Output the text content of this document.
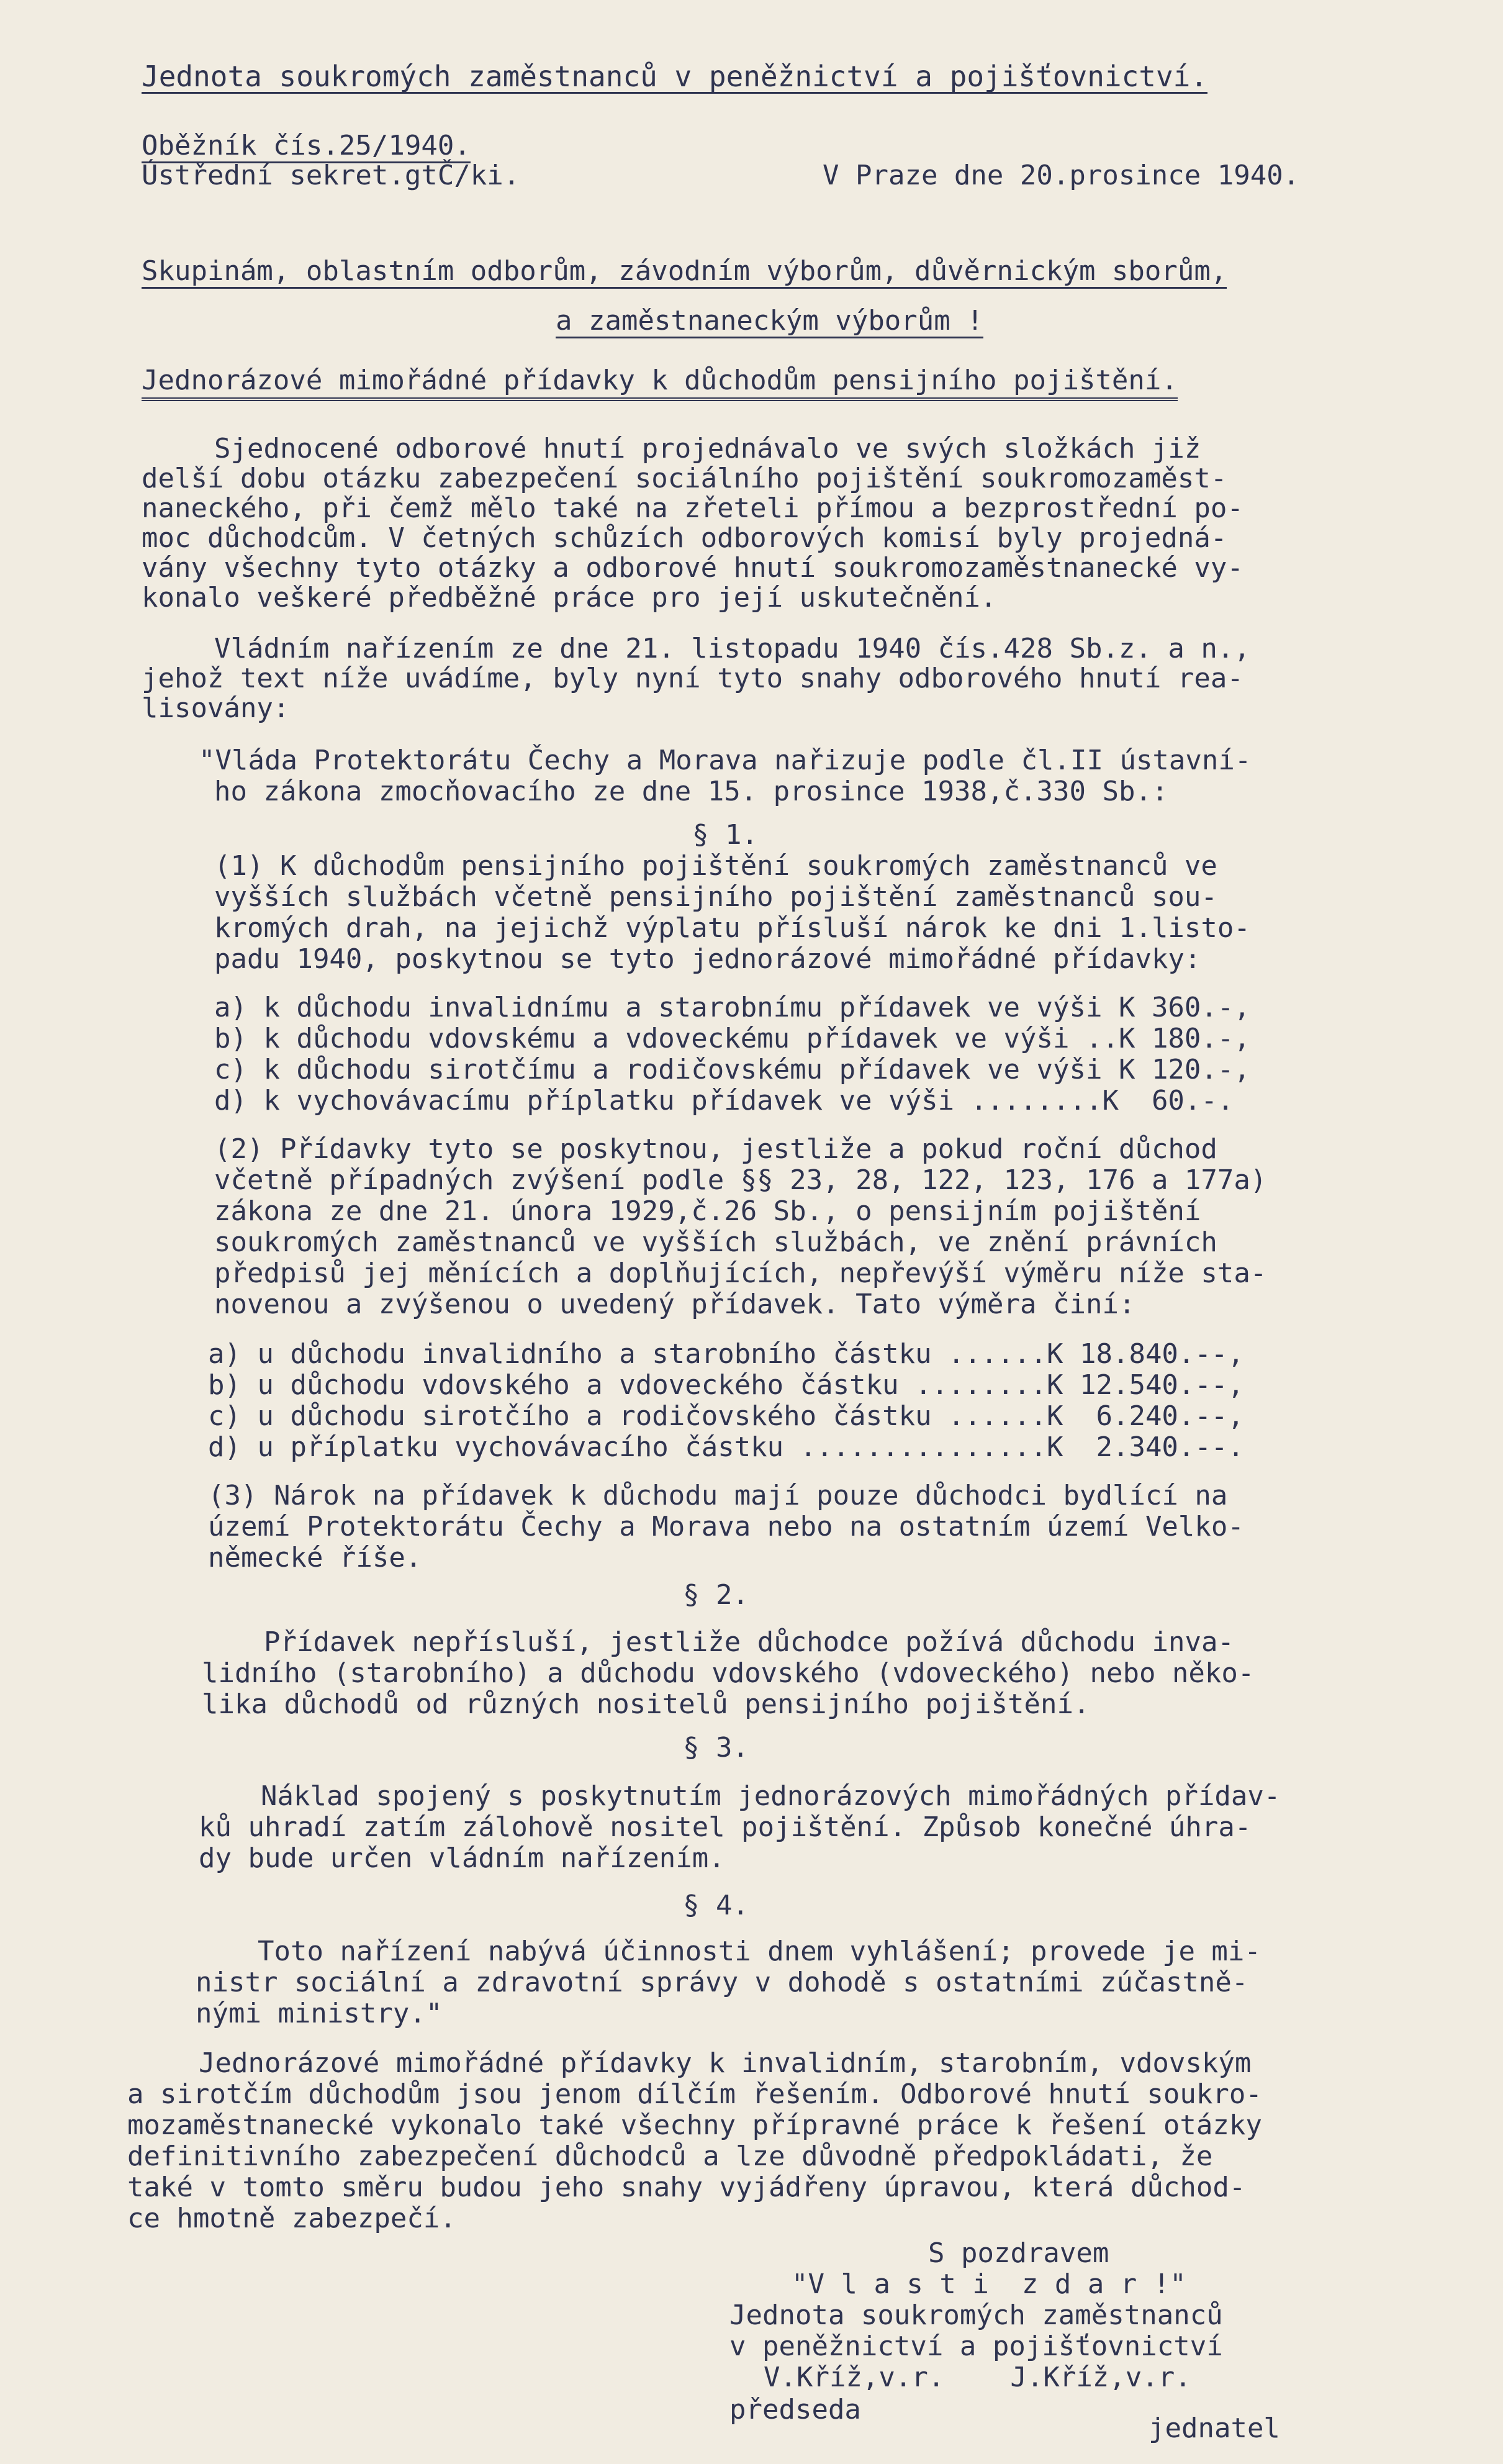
Jednota soukromých zaměstnanců v peněžnictví a pojišťovnictví.
Oběžník čís.25/1940.
Ústřední sekret.gtČ/ki.	V Praze dne 20.prosince 1940.
Skupinám, oblastním odborům, závodním výborům, důvěrnickým sborům,
a zaměstnaneckým výborům !
Jednorázové mimořádné přídavky k důchodům pensijního pojištění.
Sjednocené odborové hnutí projednávalo ve svých složkách již
delší dobu otázku zabezpečení sociálního pojištění soukromozaměst-
naneckého, při čemž mělo také na zřeteli přímou a bezprostřední po-
moc důchodcům. V četných schůzích odborových komisí byly projedná-
vány všechny tyto otázky a odborové hnutí soukromozaměstnanecké vy-
konalo veškeré předběžné práce pro její uskutečnění.
Vládním nařízením ze dne 21. listopadu 1940 čís.428 Sb.z. a n.,
jehož text níže uvádíme, byly nyní tyto snahy odborového hnutí rea-
lisovány:
"Vláda Protektorátu Čechy a Morava nařizuje podle čl.II ústavní-
ho zákona zmocňovacího ze dne 15. prosince 1938,č.330 Sb.:
§ 1.
(1) K důchodům pensijního pojištění soukromých zaměstnanců ve
vyšších službách včetně pensijního pojištění zaměstnanců sou-
kromých drah, na jejichž výplatu přísluší nárok ke dni 1.listo-
padu 1940, poskytnou se tyto jednorázové mimořádné přídavky:
a) k důchodu invalidnímu a starobnímu přídavek ve výši K 360.-,
b) k důchodu vdovskému a vdoveckému přídavek ve výši ..K 180.-,
c) k důchodu sirotčímu a rodičovskému přídavek ve výši K 120.-,
d) k vychovávacímu příplatku přídavek ve výši ........K  60.-.
(2) Přídavky tyto se poskytnou, jestliže a pokud roční důchod
včetně případných zvýšení podle §§ 23, 28, 122, 123, 176 a 177a)
zákona ze dne 21. února 1929,č.26 Sb., o pensijním pojištění
soukromých zaměstnanců ve vyšších službách, ve znění právních
předpisů jej měnících a doplňujících, nepřevýší výměru níže sta-
novenou a zvýšenou o uvedený přídavek. Tato výměra činí:
a) u důchodu invalidního a starobního částku ......K 18.840.--,
b) u důchodu vdovského a vdoveckého částku ........K 12.540.--,
c) u důchodu sirotčího a rodičovského částku ......K  6.240.--,
d) u příplatku vychovávacího částku ...............K  2.340.--.
(3) Nárok na přídavek k důchodu mají pouze důchodci bydlící na
území Protektorátu Čechy a Morava nebo na ostatním území Velko-
německé říše.
§ 2.
Přídavek nepřísluší, jestliže důchodce požívá důchodu inva-
lidního (starobního) a důchodu vdovského (vdoveckého) nebo něko-
lika důchodů od různých nositelů pensijního pojištění.
§ 3.
Náklad spojený s poskytnutím jednorázových mimořádných přídav-
ků uhradí zatím zálohově nositel pojištění. Způsob konečné úhra-
dy bude určen vládním nařízením.
§ 4.
Toto nařízení nabývá účinnosti dnem vyhlášení; provede je mi-
nistr sociální a zdravotní správy v dohodě s ostatními zúčastně-
nými ministry."
Jednorázové mimořádné přídavky k invalidním, starobním, vdovským
a sirotčím důchodům jsou jenom dílčím řešením. Odborové hnutí soukro-
mozaměstnanecké vykonalo také všechny přípravné práce k řešení otázky
definitivního zabezpečení důchodců a lze důvodně předpokládati, že
také v tomto směru budou jeho snahy vyjádřeny úpravou, která důchod-
ce hmotně zabezpečí.
S pozdravem
"V l a s t i  z d a r !"
Jednota soukromých zaměstnanců
v peněžnictví a pojišťovnictví
V.Kříž,v.r.    J.Kříž,v.r.
předseda
jednatel
